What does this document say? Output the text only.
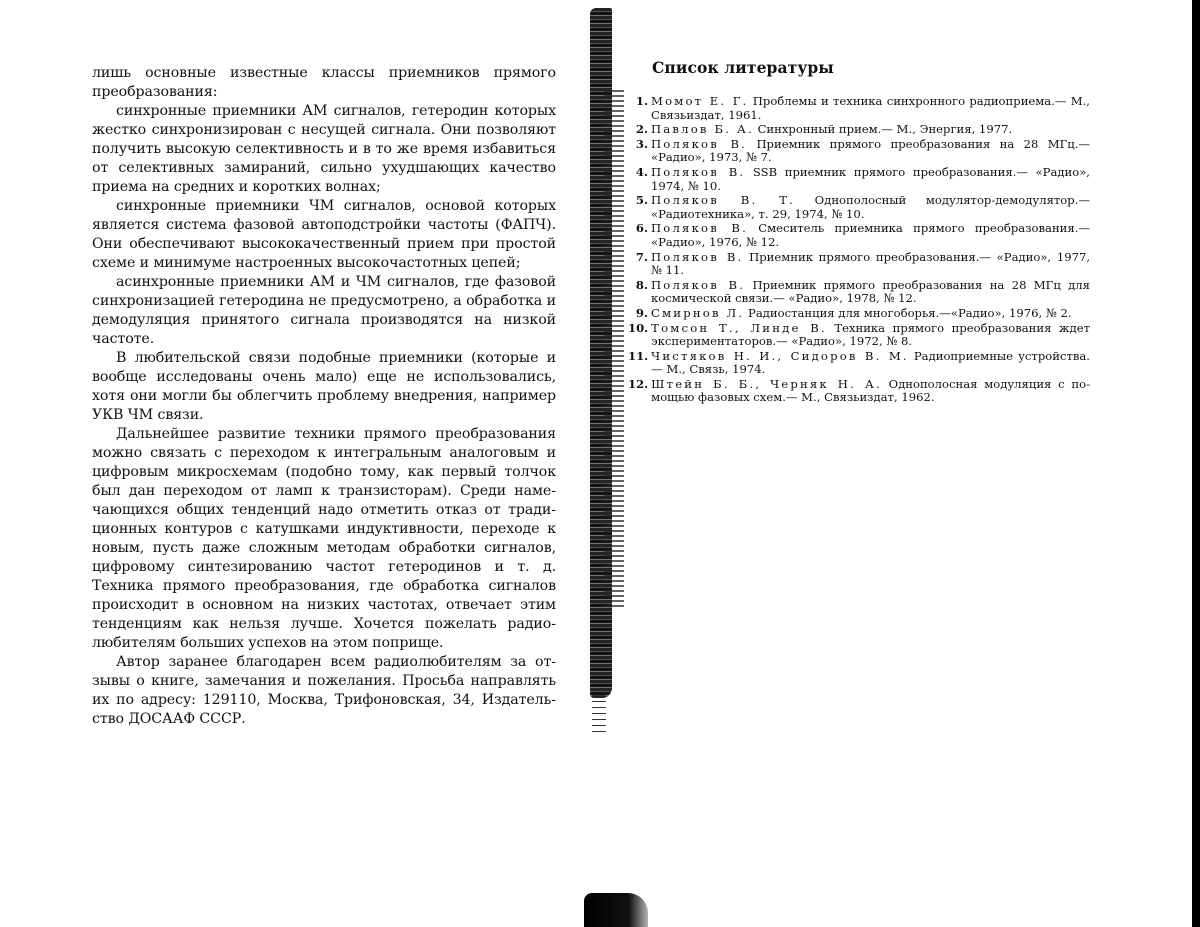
лишь основные известные классы приемников прямого преобразования:

синхронные приемники АМ сигналов, гетеродин которых жестко синхронизирован с несущей сигнала. Они позволяют получить высокую селективность и в то же время избавиться от селективных замираний, сильно ухудшающих качество приема на средних и коротких волнах;

синхронные приемники ЧМ сигналов, основой которых является система фазовой автоподстройки частоты (ФАПЧ). Они обеспечивают высококачественный прием при простой схеме и минимуме настроенных высокочастотных цепей;

асинхронные приемники АМ и ЧМ сигналов, где фазовой синхронизацией гетеродина не предусмотрено, а обработка и демодуляция принятого сигнала производятся на низкой частоте.

В любительской связи подобные приемники (которые и вообще исследованы очень мало) еще не использовались, хотя они могли бы облегчить проблему внедрения, например УКВ ЧМ связи.

Дальнейшее развитие техники прямого преобразования можно связать с переходом к интегральным аналоговым и цифровым микросхемам (подобно тому, как первый толчок был дан переходом от ламп к транзисторам). Среди намечающихся общих тенденций надо отметить отказ от традиционных контуров с катушками индуктивности, переходе к новым, пусть даже сложным методам обработки сигналов, цифровому синтезированию частот гетеродинов и т. д. Техника прямого преобразования, где обработка сигналов происходит в основном на низких частотах, отвечает этим тенденциям как нельзя лучше. Хочется пожелать радиолюбителям больших успехов на этом поприще.

Автор заранее благодарен всем радиолюбителям за отзывы о книге, замечания и пожелания. Просьба направлять их по адресу: 129110, Москва, Трифоновская, 34, Издательство ДОСААФ СССР.

Список литературы
1. Момот Е. Г. Проблемы и техника синхронного радиоприема.— М., Связьиздат, 1961.
2. Павлов Б. А. Синхронный прием.— М., Энергия, 1977.
3. Поляков В. Приемник прямого преобразования на 28 МГц.— «Радио», 1973, № 7.
4. Поляков В. SSB приемник прямого преобразования.— «Радио», 1974, № 10.
5. Поляков В. Т. Однополосный модулятор-демодулятор.— «Радиотехника», т. 29, 1974, № 10.
6. Поляков В. Смеситель приемника прямого преобразования.— «Радио», 1976, № 12.
7. Поляков В. Приемник прямого преобразования.— «Радио», 1977, № 11.
8. Поляков В. Приемник прямого преобразования на 28 МГц для космической связи.— «Радио», 1978, № 12.
9. Смирнов Л. Радиостанция для многоборья.—«Радио», 1976, № 2.
10. Томсон Т., Линде В. Техника прямого преобразования ждет экспериментаторов.— «Радио», 1972, № 8.
11. Чистяков Н. И., Сидоров В. М. Радиоприемные устройства.— М., Связь, 1974.
12. Штейн Б. Б., Черняк Н. А. Однополосная модуляция с помощью фазовых схем.— М., Связьиздат, 1962.
